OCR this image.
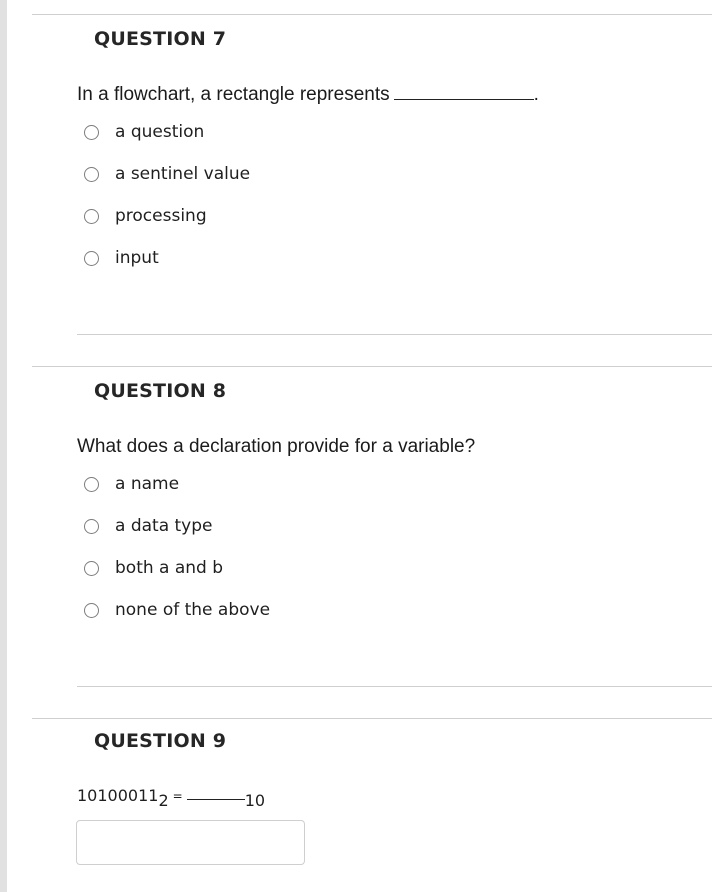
QUESTION 7
In a flowchart, a rectangle represents	.
a question
a sentinel value
processing
input
QUESTION 8
What does a declaration provide for a variable?
a name
a data type
both a and b
none of the above
QUESTION 9
101000112 =	10
